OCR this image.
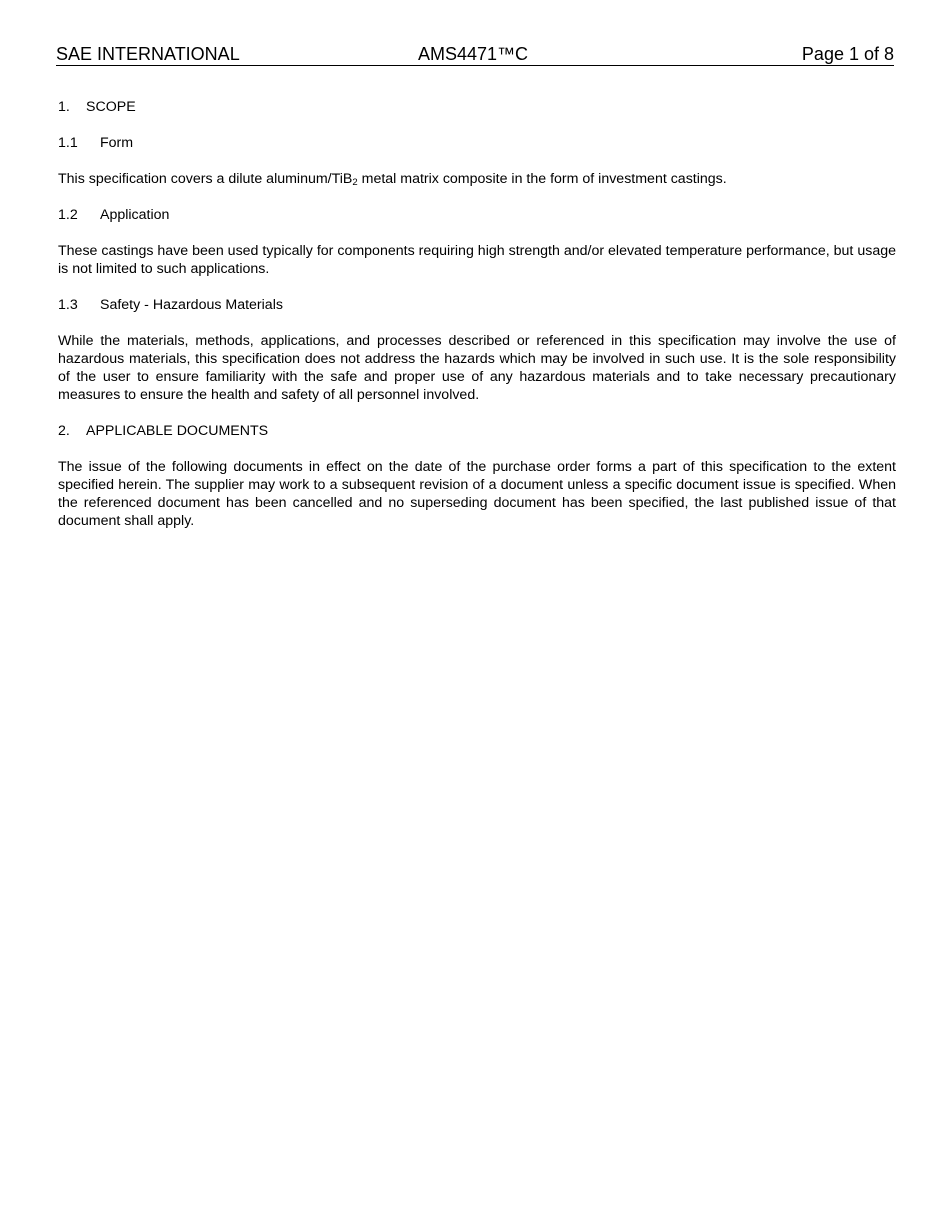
SAE INTERNATIONAL	AMS4471™C	Page 1 of 8
1. SCOPE
1.1 Form

This specification covers a dilute aluminum/TiB$_2$ metal matrix composite in the form of investment castings.

1.2 Application

These castings have been used typically for components requiring high strength and/or elevated temperature performance, but usage is not limited to such applications.

1.3 Safety - Hazardous Materials

While the materials, methods, applications, and processes described or referenced in this specification may involve the use of hazardous materials, this specification does not address the hazards which may be involved in such use. It is the sole responsibility of the user to ensure familiarity with the safe and proper use of any hazardous materials and to take necessary precautionary measures to ensure the health and safety of all personnel involved.

2. APPLICABLE DOCUMENTS

The issue of the following documents in effect on the date of the purchase order forms a part of this specification to the extent specified herein. The supplier may work to a subsequent revision of a document unless a specific document issue is specified. When the referenced document has been cancelled and no superseding document has been specified, the last published issue of that document shall apply.
